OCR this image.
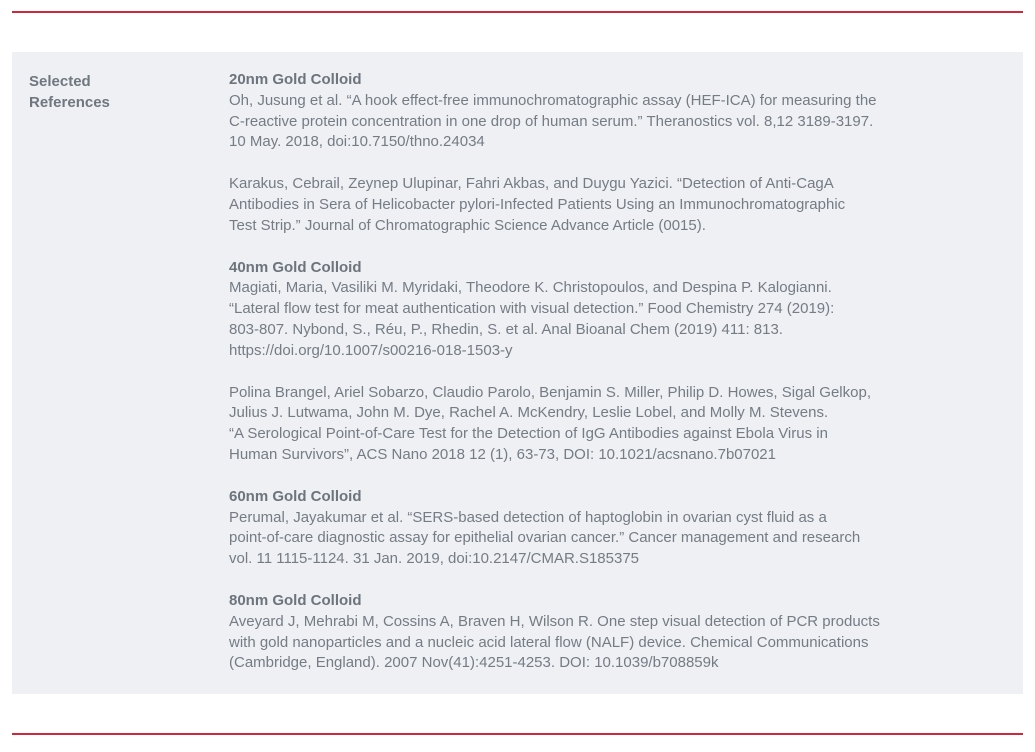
Selected
References
20nm Gold Colloid
Oh, Jusung et al. “A hook effect-free immunochromatographic assay (HEF-ICA) for measuring the
C-reactive protein concentration in one drop of human serum.” Theranostics vol. 8,12 3189-3197.
10 May. 2018, doi:10.7150/thno.24034
Karakus, Cebrail, Zeynep Ulupinar, Fahri Akbas, and Duygu Yazici. “Detection of Anti-CagA
Antibodies in Sera of Helicobacter pylori-Infected Patients Using an Immunochromatographic
Test Strip.” Journal of Chromatographic Science Advance Article (0015).
40nm Gold Colloid
Magiati, Maria, Vasiliki M. Myridaki, Theodore K. Christopoulos, and Despina P. Kalogianni.
“Lateral flow test for meat authentication with visual detection.” Food Chemistry 274 (2019):
803-807. Nybond, S., Réu, P., Rhedin, S. et al. Anal Bioanal Chem (2019) 411: 813.
https://doi.org/10.1007/s00216-018-1503-y
Polina Brangel, Ariel Sobarzo, Claudio Parolo, Benjamin S. Miller, Philip D. Howes, Sigal Gelkop,
Julius J. Lutwama, John M. Dye, Rachel A. McKendry, Leslie Lobel, and Molly M. Stevens.
“A Serological Point-of-Care Test for the Detection of IgG Antibodies against Ebola Virus in
Human Survivors”, ACS Nano 2018 12 (1), 63-73, DOI: 10.1021/acsnano.7b07021
60nm Gold Colloid
Perumal, Jayakumar et al. “SERS-based detection of haptoglobin in ovarian cyst fluid as a
point-of-care diagnostic assay for epithelial ovarian cancer.” Cancer management and research
vol. 11 1115-1124. 31 Jan. 2019, doi:10.2147/CMAR.S185375
80nm Gold Colloid
Aveyard J, Mehrabi M, Cossins A, Braven H, Wilson R. One step visual detection of PCR products
with gold nanoparticles and a nucleic acid lateral flow (NALF) device. Chemical Communications
(Cambridge, England). 2007 Nov(41):4251-4253. DOI: 10.1039/b708859k
